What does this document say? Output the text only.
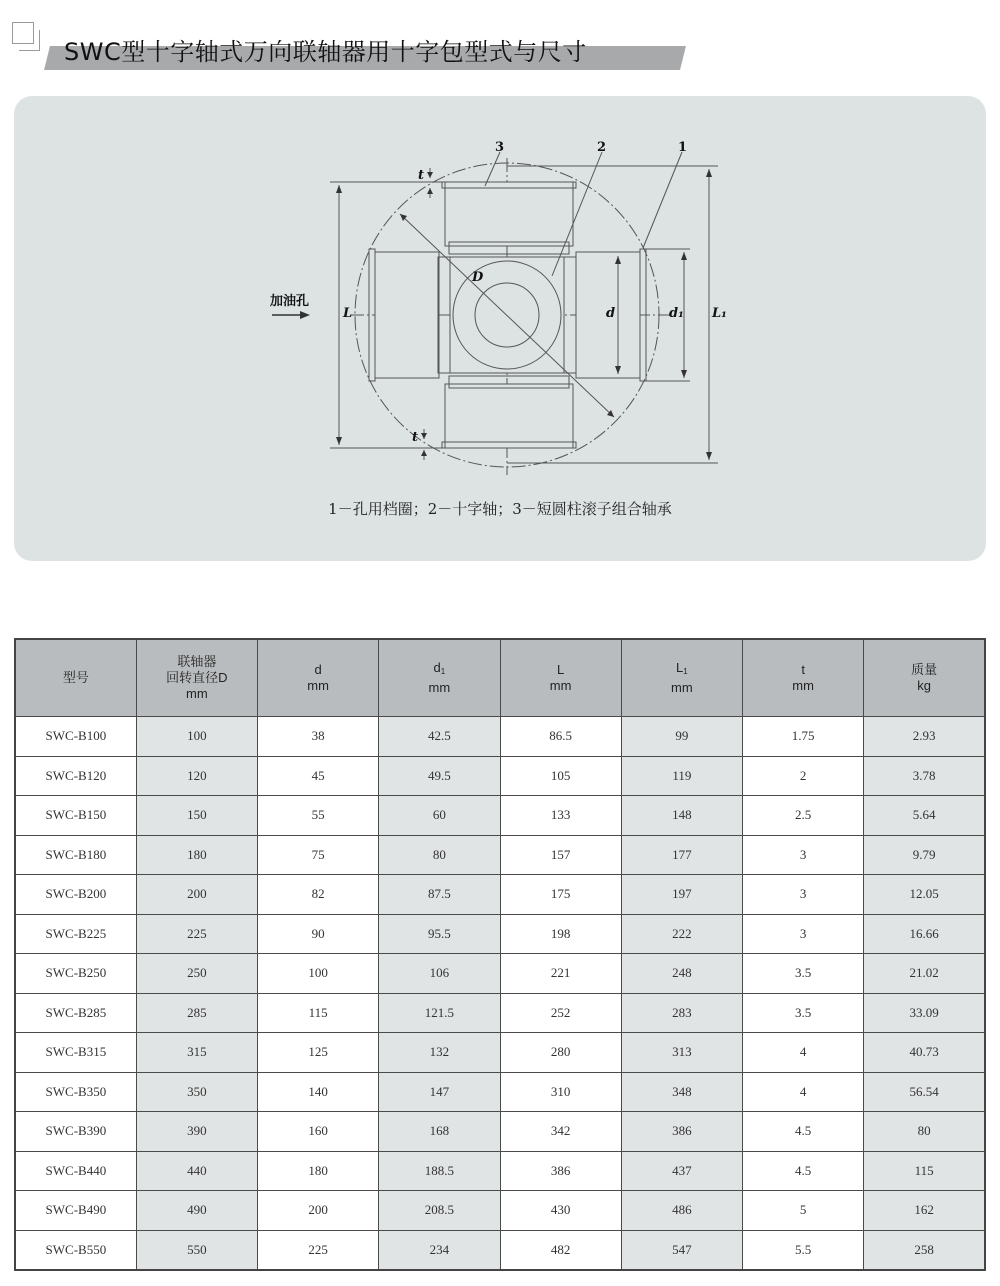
SWC型十字轴式万向联轴器用十字包型式与尺寸
加油孔
3	2	1
L	L₁
D
d	d₁
t
t
1－孔用档圈；2－十字轴；3－短圆柱滚子组合轴承
型号

联轴器
回转直径D
mm

d
mm

$d_1$
mm

L
mm

$L_1$
mm

t
mm

质量
kg

SWC-B100	100	38	42.5	86.5	99	1.75	2.93
SWC-B120	120	45	49.5	105	119	2	3.78
SWC-B150	150	55	60	133	148	2.5	5.64
SWC-B180	180	75	80	157	177	3	9.79
SWC-B200	200	82	87.5	175	197	3	12.05
SWC-B225	225	90	95.5	198	222	3	16.66
SWC-B250	250	100	106	221	248	3.5	21.02
SWC-B285	285	115	121.5	252	283	3.5	33.09
SWC-B315	315	125	132	280	313	4	40.73
SWC-B350	350	140	147	310	348	4	56.54
SWC-B390	390	160	168	342	386	4.5	80
SWC-B440	440	180	188.5	386	437	4.5	115
SWC-B490	490	200	208.5	430	486	5	162
SWC-B550	550	225	234	482	547	5.5	258
